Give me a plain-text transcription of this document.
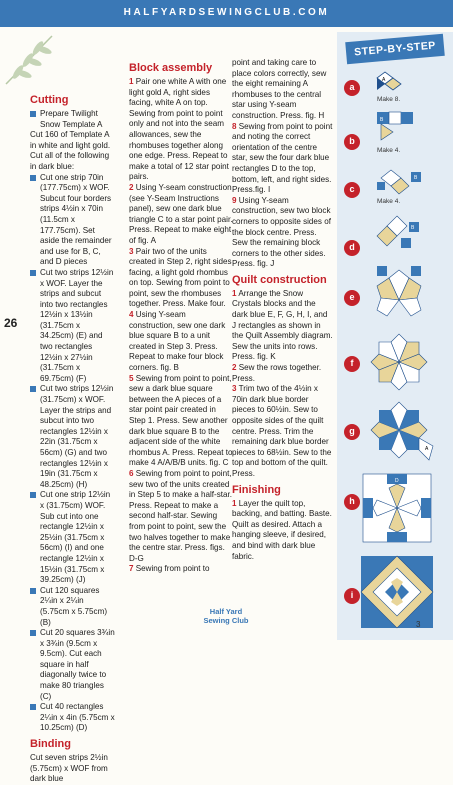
HALFYARDSEWINGCLUB.COM

Cutting

Prepare Twilight Snow Template A

Cut 160 of Template A in white and light gold. Cut all of the following in dark blue:

Cut one strip 70in (177.75cm) x WOF. Subcut four borders strips 4½in x 70in (11.5cm x 177.75cm). Set aside the remainder and use for B, C, and D pieces

Cut two strips 12½in x WOF. Layer the strips and subcut into two rectangles 12½in x 13½in (31.75cm x 34.25cm) (E) and two rectangles 12½in x 27½in (31.75cm x 69.75cm) (F)

Cut two strips 12½in (31.75cm) x WOF. Layer the strips and subcut into two rectangles 12½in x 22in (31.75cm x 56cm) (G) and two rectangles 12½in x 19in (31.75cm x 48.25cm) (H)

Cut one strip 12½in x (31.75cm) WOF. Sub cut into one rectangle 12½in x 25½in (31.75cm x 56cm) (I) and one rectangle 12½in x 15½in (31.75cm x 39.25cm) (J)

Cut 120 squares 2¼in x 2¼in (5.75cm x 5.75cm) (B)

Cut 20 squares 3¾in x 3¾in (9.5cm x 9.5cm). Cut each square in half diagonally twice to make 80 triangles (C)

Cut 40 rectangles 2¼in x 4in (5.75cm x 10.25cm) (D)

Binding

Cut seven strips 2½in (5.75cm) x WOF from dark blue

Block assembly

1 Pair one white A with one light gold A, right sides facing, white A on top. Sewing from point to point only and not into the seam allowances, sew the rhombuses together along one edge. Press. Repeat to make a total of 12 star point pairs.

2 Using Y-seam construction (see Y-Seam Instructions panel), sew one dark blue triangle C to a star point pair. Press. Repeat to make eight of fig. A

3 Pair two of the units created in Step 2, right sides facing, a light gold rhombus on top. Sewing from point to point, sew the rhombuses together. Press. Make four.

4 Using Y-seam construction, sew one dark blue square B to a unit created in Step 3. Press. Repeat to make four block corners. fig. B

5 Sewing from point to point, sew a dark blue square between the A pieces of a star point pair created in Step 1. Press. Sew another dark blue square B to the adjacent side of the white rhombus A. Press. Repeat to make 4 A/A/B/B units. fig. C

6 Sewing from point to point, sew two of the units created in Step 5 to make a half-star. Press. Repeat to make a second half-star. Sewing from point to point, sew the two halves together to make the centre star. Press. figs. D-G

7 Sewing from point to

point and taking care to place colors correctly, sew the eight remaining A rhombuses to the central star using Y-seam construction. Press. fig. H

8 Sewing from point to point and noting the correct orientation of the centre star, sew the four dark blue rectangles D to the top, bottom, left, and right sides. Press.fig. I

9 Using Y-seam construction, sew two block corners to opposite sides of the block centre. Press. Sew the remaining block corners to the other sides. Press. fig. J

Quilt construction

1 Arrange the Snow Crystals blocks and the dark blue E, F, G, H, I, and J rectangles as shown in the Quilt Assembly diagram. Sew the units into rows. Press. fig. K

2 Sew the rows together. Press.

3 Trim two of the 4½in x 70in dark blue border pieces to 60½in. Sew to opposite sides of the quilt centre. Press. Trim the remaining dark blue border pieces to 68½in. Sew to the top and bottom of the quilt. Press.

Finishing

1 Layer the quilt top, backing, and batting. Baste. Quilt as desired. Attach a hanging sleeve, if desired, and bind with dark blue fabric.

26
STEP-BY-STEP
a
b
c
d
e
f
g
h
i
Make 8.
Make 4.
Make 4.
A
B
B
B
A
D
D
Half Yard
Sewing Club	3
